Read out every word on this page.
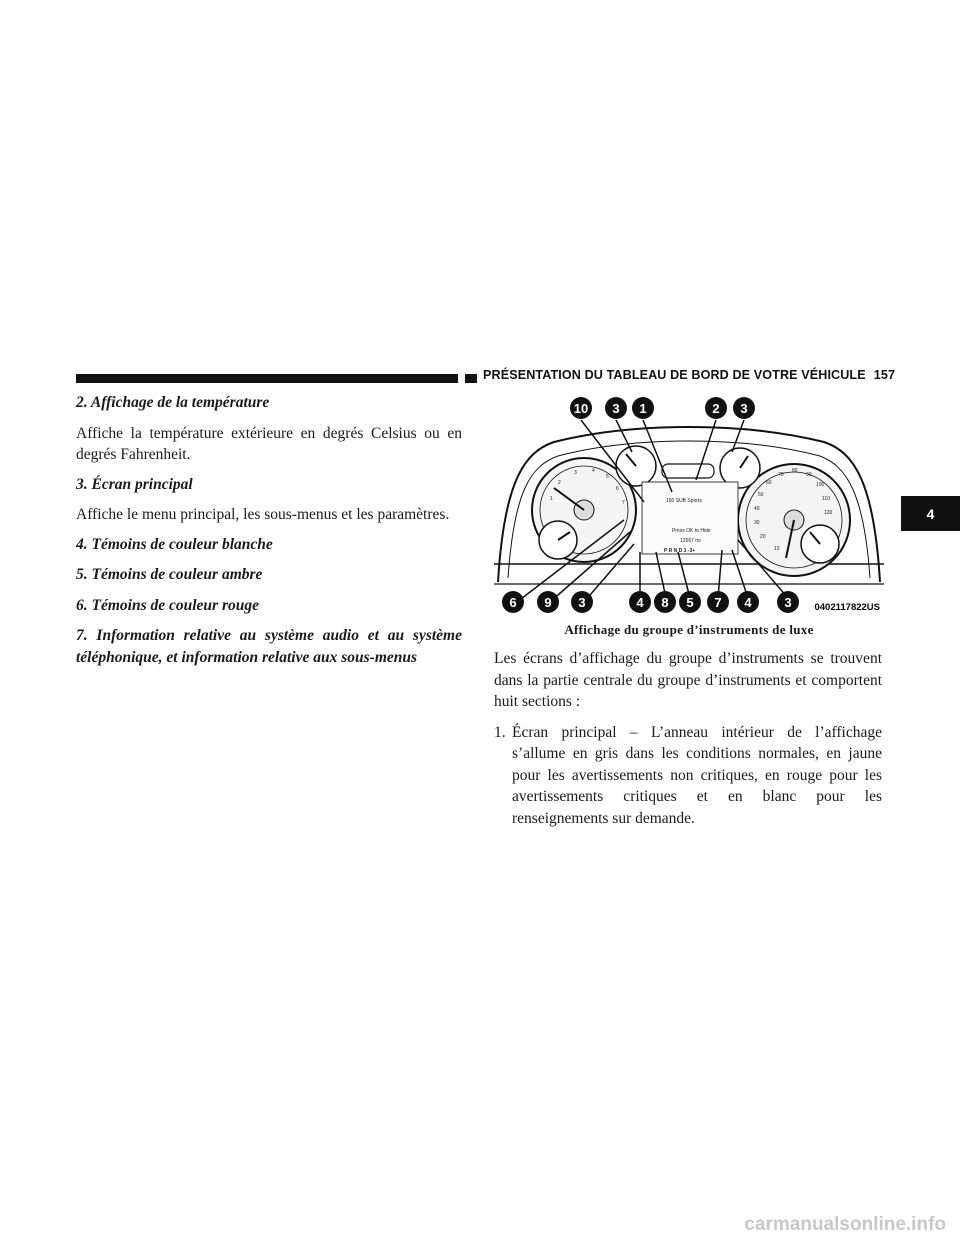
PRÉSENTATION DU TABLEAU DE BORD DE VOTRE VÉHICULE 157
4

2. Affichage de la température

Affiche la température extérieure en degrés Celsius ou en degrés Fahrenheit.

3. Écran principal

Affiche le menu principal, les sous-menus et les paramètres.

4. Témoins de couleur blanche

5. Témoins de couleur ambre

6. Témoins de couleur rouge

7. Information relative au système audio et au système téléphonique, et information relative aux sous-menus

1
2
3	4
5
6
7
10
20
30
40
50
60
70
80
90
100
110
120
150 SUB Sports
Press OK to Hide
12567 mi
P R N D 1 -3+
10 3 1	2 3
6 9 3	4 8 5 7 4	3 0402117822US
Affichage du groupe d’instruments de luxe

Les écrans d’affichage du groupe d’instruments se trouvent dans la partie centrale du groupe d’instruments et comportent huit sections :

1. Écran principal – L’anneau intérieur de l’affichage s’allume en gris dans les conditions normales, en jaune pour les avertissements non critiques, en rouge pour les avertissements critiques et en blanc pour les renseignements sur demande.

carmanualsonline.info
